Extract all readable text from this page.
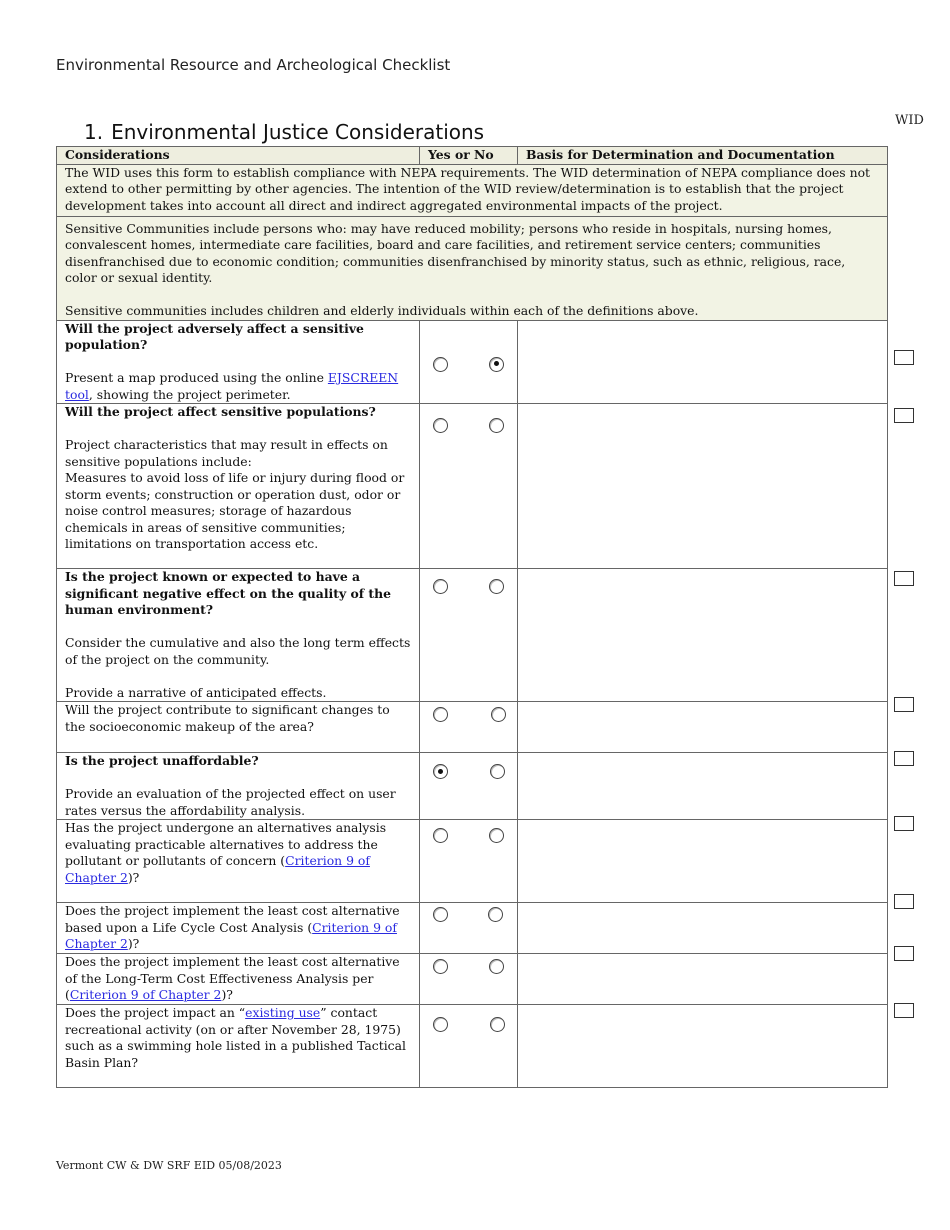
Environmental Resource and Archeological Checklist
WID
1. Environmental Justice Considerations
Considerations	Yes or No	Basis for Determination and Documentation

The WID uses this form to establish compliance with NEPA requirements. The WID determination of NEPA compliance does not extend to other permitting by other agencies. The intention of the WID review/determination is to establish that the project development takes into account all direct and indirect aggregated environmental impacts of the project.		

Sensitive Communities include persons who: may have reduced mobility; persons who reside in hospitals, nursing homes, convalescent homes, intermediate care facilities, board and care facilities, and retirement service centers; communities disenfranchised due to economic condition; communities disenfranchised by minority status, such as ethnic, religious, race, color or sexual identity.

Sensitive communities includes children and elderly individuals within each of the definitions above.		

Will the project adversely affect a sensitive population?
Present a map produced using the online EJSCREEN tool, showing the project perimeter.		

Will the project affect sensitive populations?
Project characteristics that may result in effects on sensitive populations include:
Measures to avoid loss of life or injury during flood or storm events; construction or operation dust, odor or noise control measures; storage of hazardous chemicals in areas of sensitive communities; limitations on transportation access etc.		

Is the project known or expected to have a significant negative effect on the quality of the human environment?
Consider the cumulative and also the long term effects of the project on the community.
Provide a narrative of anticipated effects.		

Will the project contribute to significant changes to the socioeconomic makeup of the area?		

Is the project unaffordable?
Provide an evaluation of the projected effect on user rates versus the affordability analysis.		

Has the project undergone an alternatives analysis evaluating practicable alternatives to address the pollutant or pollutants of concern (Criterion 9 of Chapter 2)?		

Does the project implement the least cost alternative based upon a Life Cycle Cost Analysis (Criterion 9 of Chapter 2)?		

Does the project implement the least cost alternative of the Long-Term Cost Effectiveness Analysis per (Criterion 9 of Chapter 2)?		

Does the project impact an “existing use” contact recreational activity (on or after November 28, 1975) such as a swimming hole listed in a published Tactical Basin Plan?		

Vermont CW & DW SRF EID 05/08/2023
